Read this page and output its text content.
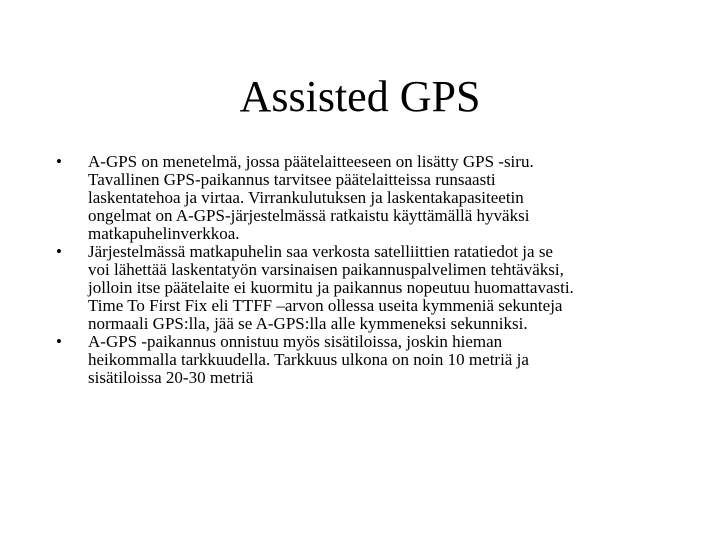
Assisted GPS
•	A-GPS on menetelmä, jossa päätelaitteeseen on lisätty GPS -siru.
Tavallinen GPS-paikannus tarvitsee päätelaitteissa runsaasti
laskentatehoa ja virtaa. Virrankulutuksen ja laskentakapasiteetin
ongelmat on A-GPS-järjestelmässä ratkaistu käyttämällä hyväksi
matkapuhelinverkkoa.
•	Järjestelmässä matkapuhelin saa verkosta satelliittien ratatiedot ja se
voi lähettää laskentatyön varsinaisen paikannuspalvelimen tehtäväksi,
jolloin itse päätelaite ei kuormitu ja paikannus nopeutuu huomattavasti.
Time To First Fix eli TTFF –arvon ollessa useita kymmeniä sekunteja
normaali GPS:lla, jää se A-GPS:lla alle kymmeneksi sekunniksi.
•	A-GPS -paikannus onnistuu myös sisätiloissa, joskin hieman
heikommalla tarkkuudella. Tarkkuus ulkona on noin 10 metriä ja
sisätiloissa 20-30 metriä
